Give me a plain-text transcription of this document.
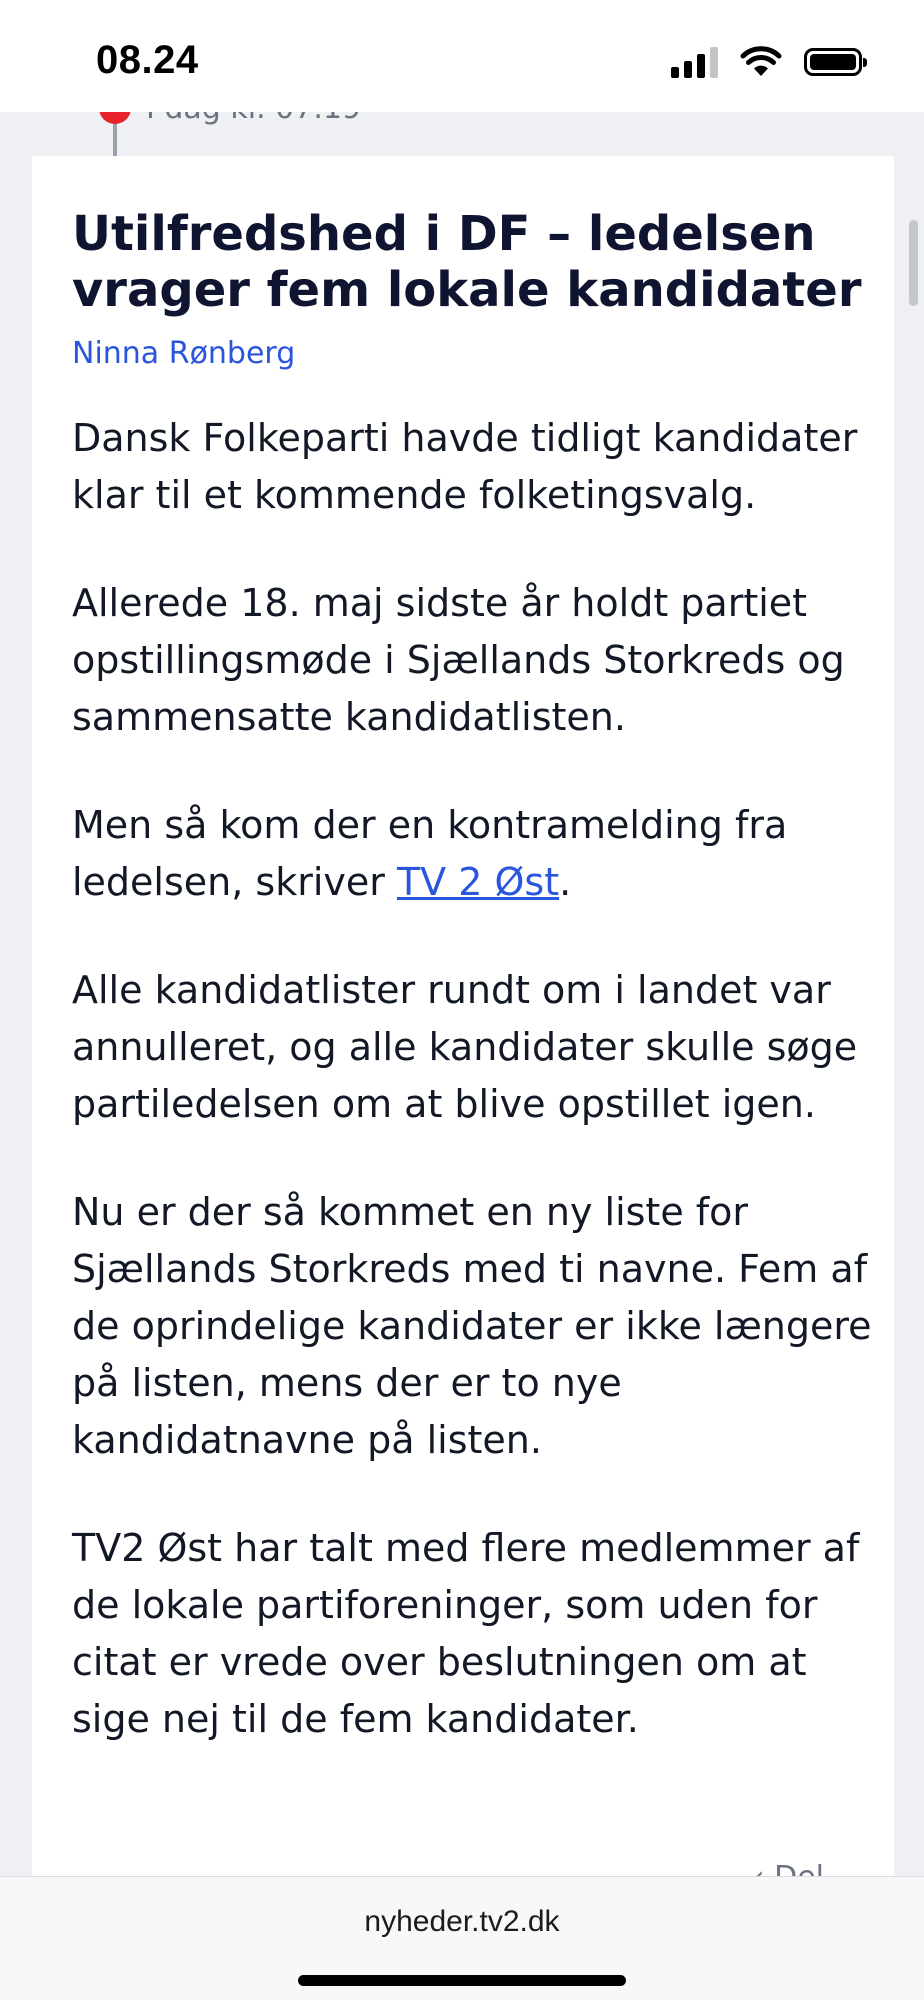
08.24
Utilfredshed i DF – ledelsen vrager fem lokale kandidater
Ninna Rønberg

Dansk Folkeparti havde tidligt kandidater klar til et kommende folketingsvalg.

Allerede 18. maj sidste år holdt partiet opstillingsmøde i Sjællands Storkreds og sammensatte kandidatlisten.

Men så kom der en kontramelding fra ledelsen, skriver TV 2 Øst.

Alle kandidatlister rundt om i landet var annulleret, og alle kandidater skulle søge partiledelsen om at blive opstillet igen.

Nu er der så kommet en ny liste for Sjællands Storkreds med ti navne. Fem af de oprindelige kandidater er ikke længere på listen, mens der er to nye kandidatnavne på listen.

TV2 Øst har talt med flere medlemmer af de lokale partiforeninger, som uden for citat er vrede over beslutningen om at sige nej til de fem kandidater.

nyheder.tv2.dk
